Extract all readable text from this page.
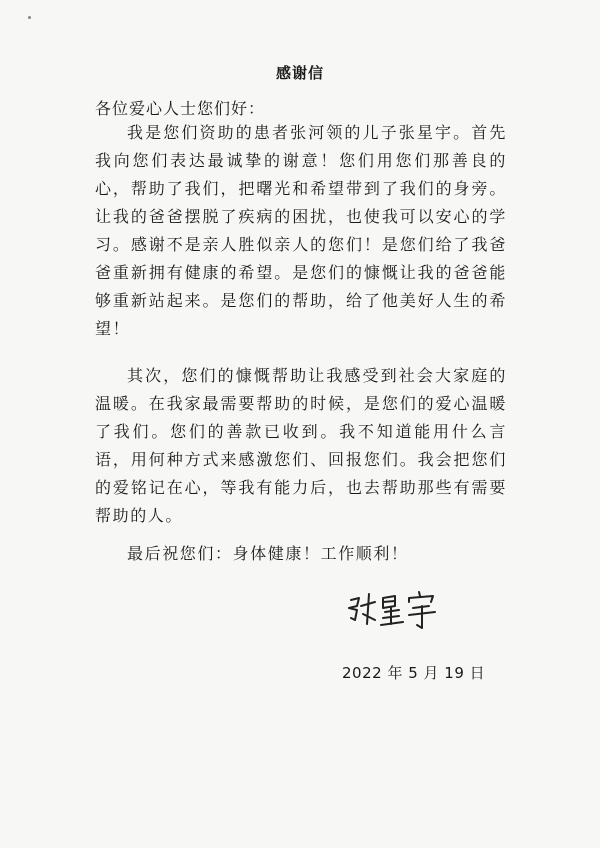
感谢信
各位爱心人士您们好：

我是您们资助的患者张河领的儿子张星宇。首先我向您们表达最诚挚的谢意！您们用您们那善良的心，帮助了我们，把曙光和希望带到了我们的身旁。让我的爸爸摆脱了疾病的困扰，也使我可以安心的学习。感谢不是亲人胜似亲人的您们！是您们给了我爸爸重新拥有健康的希望。是您们的慷慨让我的爸爸能够重新站起来。是您们的帮助，给了他美好人生的希望！

其次，您们的慷慨帮助让我感受到社会大家庭的温暖。在我家最需要帮助的时候，是您们的爱心温暖了我们。您们的善款已收到。我不知道能用什么言语，用何种方式来感激您们、回报您们。我会把您们的爱铭记在心，等我有能力后，也去帮助那些有需要帮助的人。

最后祝您们：身体健康！工作顺利！

2022 年 5 月 19 日
